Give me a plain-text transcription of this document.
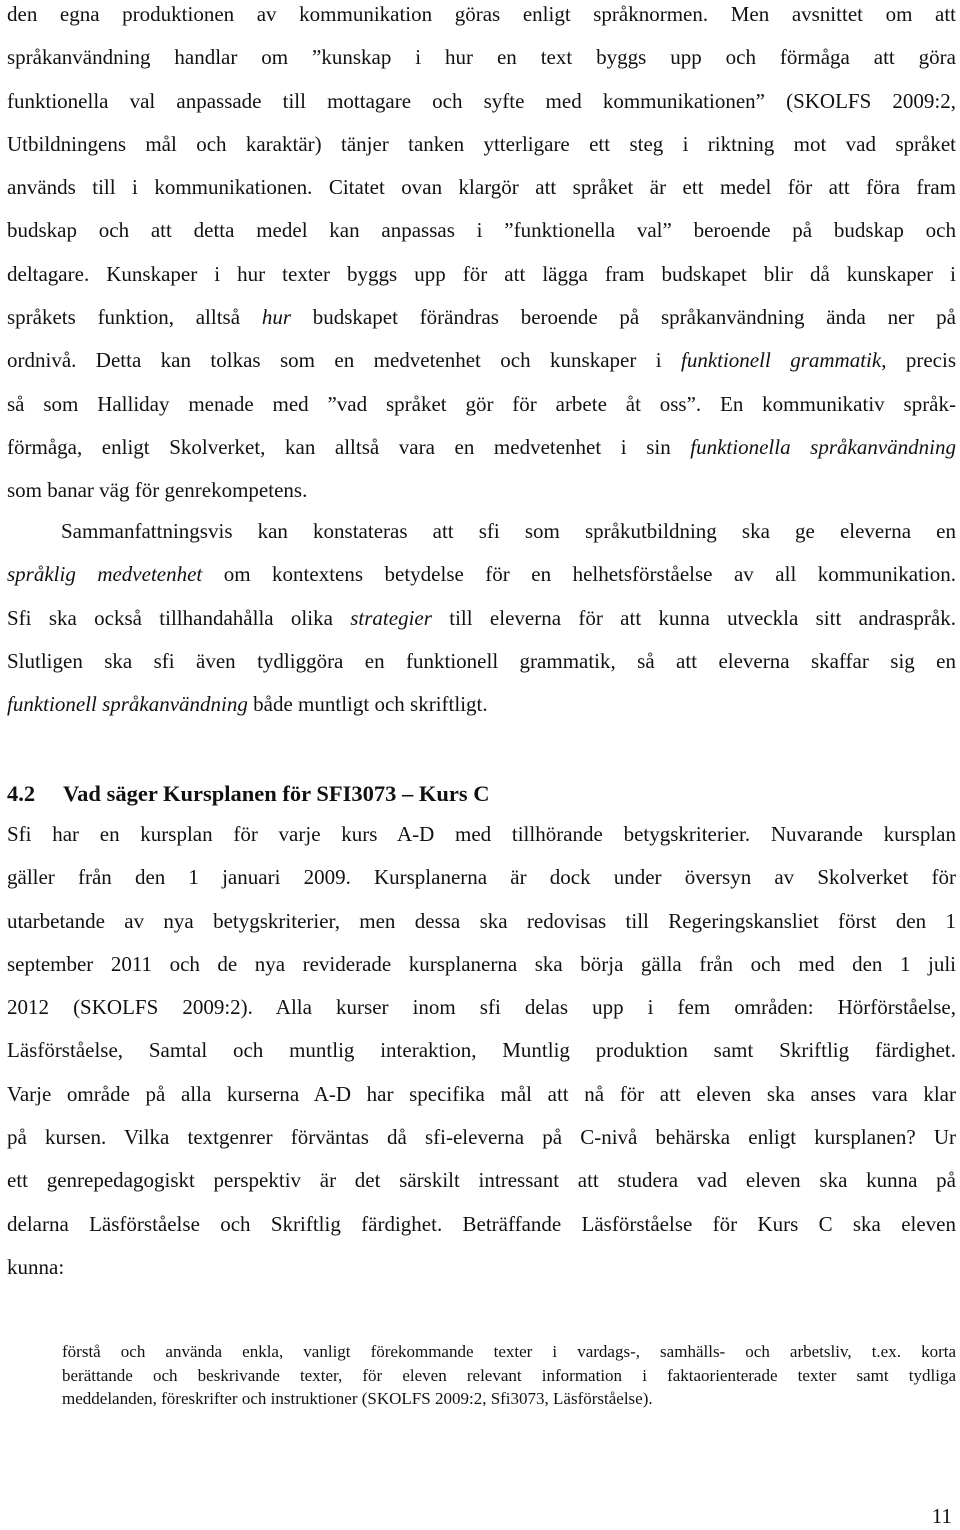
den egna produktionen av kommunikation göras enligt språknormen. Men avsnittet om att
språkanvändning handlar om ”kunskap i hur en text byggs upp och förmåga att göra
funktionella val anpassade till mottagare och syfte med kommunikationen” (SKOLFS 2009:2,
Utbildningens mål och karaktär) tänjer tanken ytterligare ett steg i riktning mot vad språket
används till i kommunikationen. Citatet ovan klargör att språket är ett medel för att föra fram
budskap och att detta medel kan anpassas i ”funktionella val” beroende på budskap och
deltagare. Kunskaper i hur texter byggs upp för att lägga fram budskapet blir då kunskaper i
språkets funktion, alltså hur budskapet förändras beroende på språkanvändning ända ner på
ordnivå. Detta kan tolkas som en medvetenhet och kunskaper i funktionell grammatik, precis
så som Halliday menade med ”vad språket gör för arbete åt oss”. En kommunikativ språk-
förmåga, enligt Skolverket, kan alltså vara en medvetenhet i sin funktionella språkanvändning
som banar väg för genrekompetens.
Sammanfattningsvis kan konstateras att sfi som språkutbildning ska ge eleverna en
språklig medvetenhet om kontextens betydelse för en helhetsförståelse av all kommunikation.
Sfi ska också tillhandahålla olika strategier till eleverna för att kunna utveckla sitt andraspråk.
Slutligen ska sfi även tydliggöra en funktionell grammatik, så att eleverna skaffar sig en
funktionell språkanvändning både muntligt och skriftligt.
4.2 Vad säger Kursplanen för SFI3073 – Kurs C
Sfi har en kursplan för varje kurs A-D med tillhörande betygskriterier. Nuvarande kursplan
gäller från den 1 januari 2009. Kursplanerna är dock under översyn av Skolverket för
utarbetande av nya betygskriterier, men dessa ska redovisas till Regeringskansliet först den 1
september 2011 och de nya reviderade kursplanerna ska börja gälla från och med den 1 juli
2012 (SKOLFS 2009:2). Alla kurser inom sfi delas upp i fem områden: Hörförståelse,
Läsförståelse, Samtal och muntlig interaktion, Muntlig produktion samt Skriftlig färdighet.
Varje område på alla kurserna A-D har specifika mål att nå för att eleven ska anses vara klar
på kursen. Vilka textgenrer förväntas då sfi-eleverna på C-nivå behärska enligt kursplanen? Ur
ett genrepedagogiskt perspektiv är det särskilt intressant att studera vad eleven ska kunna på
delarna Läsförståelse och Skriftlig färdighet. Beträffande Läsförståelse för Kurs C ska eleven
kunna:
förstå och använda enkla, vanligt förekommande texter i vardags-, samhälls- och arbetsliv, t.ex. korta
berättande och beskrivande texter, för eleven relevant information i faktaorienterade texter samt tydliga
meddelanden, föreskrifter och instruktioner (SKOLFS 2009:2, Sfi3073, Läsförståelse).
11
